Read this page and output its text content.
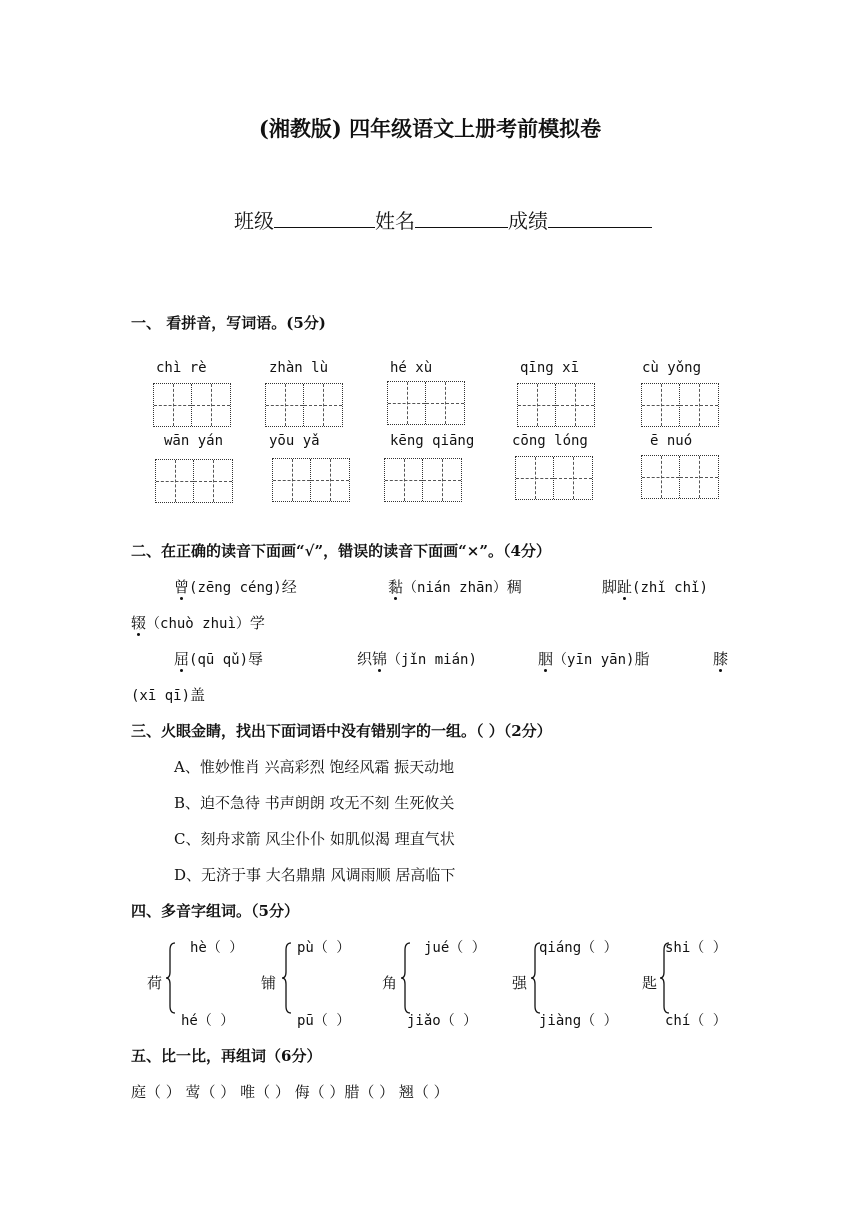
(湘教版) 四年级语文上册考前模拟卷
班级	姓名	成绩
一、 看拼音，写词语。(5分)
chì rè	zhàn lù	hé xù	qīng xī	cù yǒng
wān yán	yōu yǎ	kēng qiāng	cōng lóng	ē nuó
二、在正确的读音下面画“√”，错误的读音下面画“×”。（4分）
曾(zēng céng)经	黏（nián zhān）稠	脚趾(zhǐ chǐ)
辍（chuò zhuì）学
屈(qū qǔ)辱	织锦（jǐn mián)	胭（yīn yān)脂	膝
(xī qī)盖
三、火眼金睛，找出下面词语中没有错别字的一组。（ ）（2分）
A、惟妙惟肖 兴高彩烈 饱经风霜 振天动地
B、迫不急待 书声朗朗 攻无不刻 生死攸关
C、刻舟求箭 风尘仆仆 如肌似渴 理直气状
D、无济于事 大名鼎鼎 风调雨顺 居高临下
四、多音字组词。（5分）
荷
hè（ ）
hé（ ）
铺
pù（ ）
pū（ ）
角
jué（ ）
jiǎo（ ）
强
qiáng（ ）
jiàng（ ）
匙
shi（ ）
chí（ ）
五、比一比，再组词（6分）
庭（ ） 莺（ ） 唯（ ） 侮（ ）腊（ ） 翘（ ）
